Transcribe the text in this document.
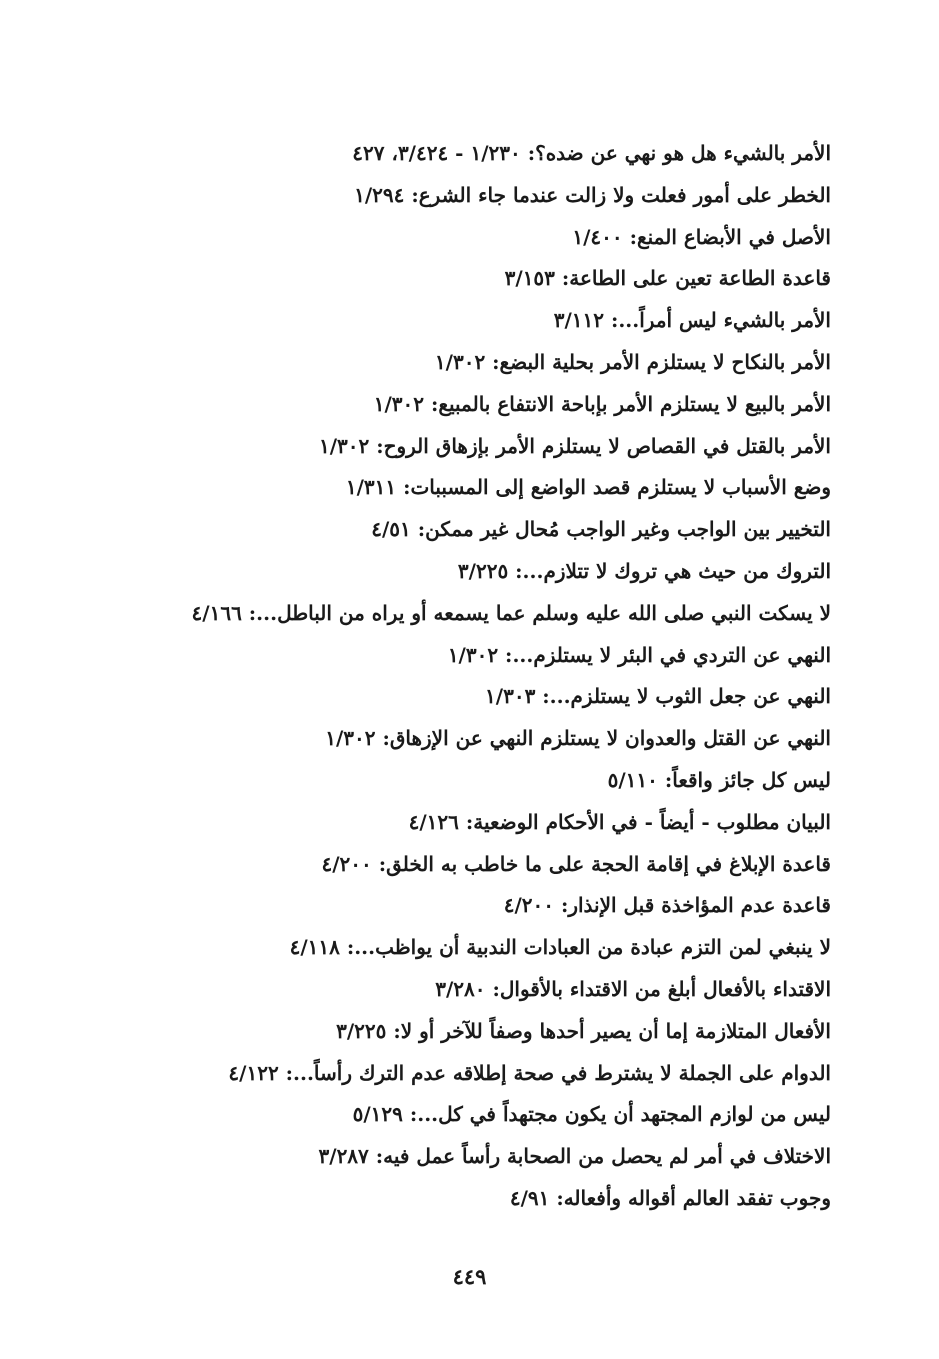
الأمر بالشيء هل هو نهي عن ضده؟: ١/٢٣٠ - ٣/٤٢٤، ٤٢٧
الخطر على أمور فعلت ولا زالت عندما جاء الشرع: ١/٢٩٤
الأصل في الأبضاع المنع: ١/٤٠٠
قاعدة الطاعة تعين على الطاعة: ٣/١٥٣
الأمر بالشيء ليس أمراً...: ٣/١١٢
الأمر بالنكاح لا يستلزم الأمر بحلية البضع: ١/٣٠٢
الأمر بالبيع لا يستلزم الأمر بإباحة الانتفاع بالمبيع: ١/٣٠٢
الأمر بالقتل في القصاص لا يستلزم الأمر بإزهاق الروح: ١/٣٠٢
وضع الأسباب لا يستلزم قصد الواضع إلى المسببات: ١/٣١١
التخيير بين الواجب وغير الواجب مُحال غير ممكن: ٤/٥١
التروك من حيث هي تروك لا تتلازم...: ٣/٢٢٥
لا يسكت النبي صلى الله عليه وسلم عما يسمعه أو يراه من الباطل...: ٤/١٦٦
النهي عن التردي في البئر لا يستلزم...: ١/٣٠٢
النهي عن جعل الثوب لا يستلزم...: ١/٣٠٣
النهي عن القتل والعدوان لا يستلزم النهي عن الإزهاق: ١/٣٠٢
ليس كل جائز واقعاً: ٥/١١٠
البيان مطلوب - أيضاً - في الأحكام الوضعية: ٤/١٢٦
قاعدة الإبلاغ في إقامة الحجة على ما خاطب به الخلق: ٤/٢٠٠
قاعدة عدم المؤاخذة قبل الإنذار: ٤/٢٠٠
لا ينبغي لمن التزم عبادة من العبادات الندبية أن يواظب...: ٤/١١٨
الاقتداء بالأفعال أبلغ من الاقتداء بالأقوال: ٣/٢٨٠
الأفعال المتلازمة إما أن يصير أحدها وصفاً للآخر أو لا: ٣/٢٢٥
الدوام على الجملة لا يشترط في صحة إطلاقه عدم الترك رأساً...: ٤/١٢٢
ليس من لوازم المجتهد أن يكون مجتهداً في كل...: ٥/١٢٩
الاختلاف في أمر لم يحصل من الصحابة رأساً عمل فيه: ٣/٢٨٧
وجوب تفقد العالم أقواله وأفعاله: ٤/٩١
٤٤٩
